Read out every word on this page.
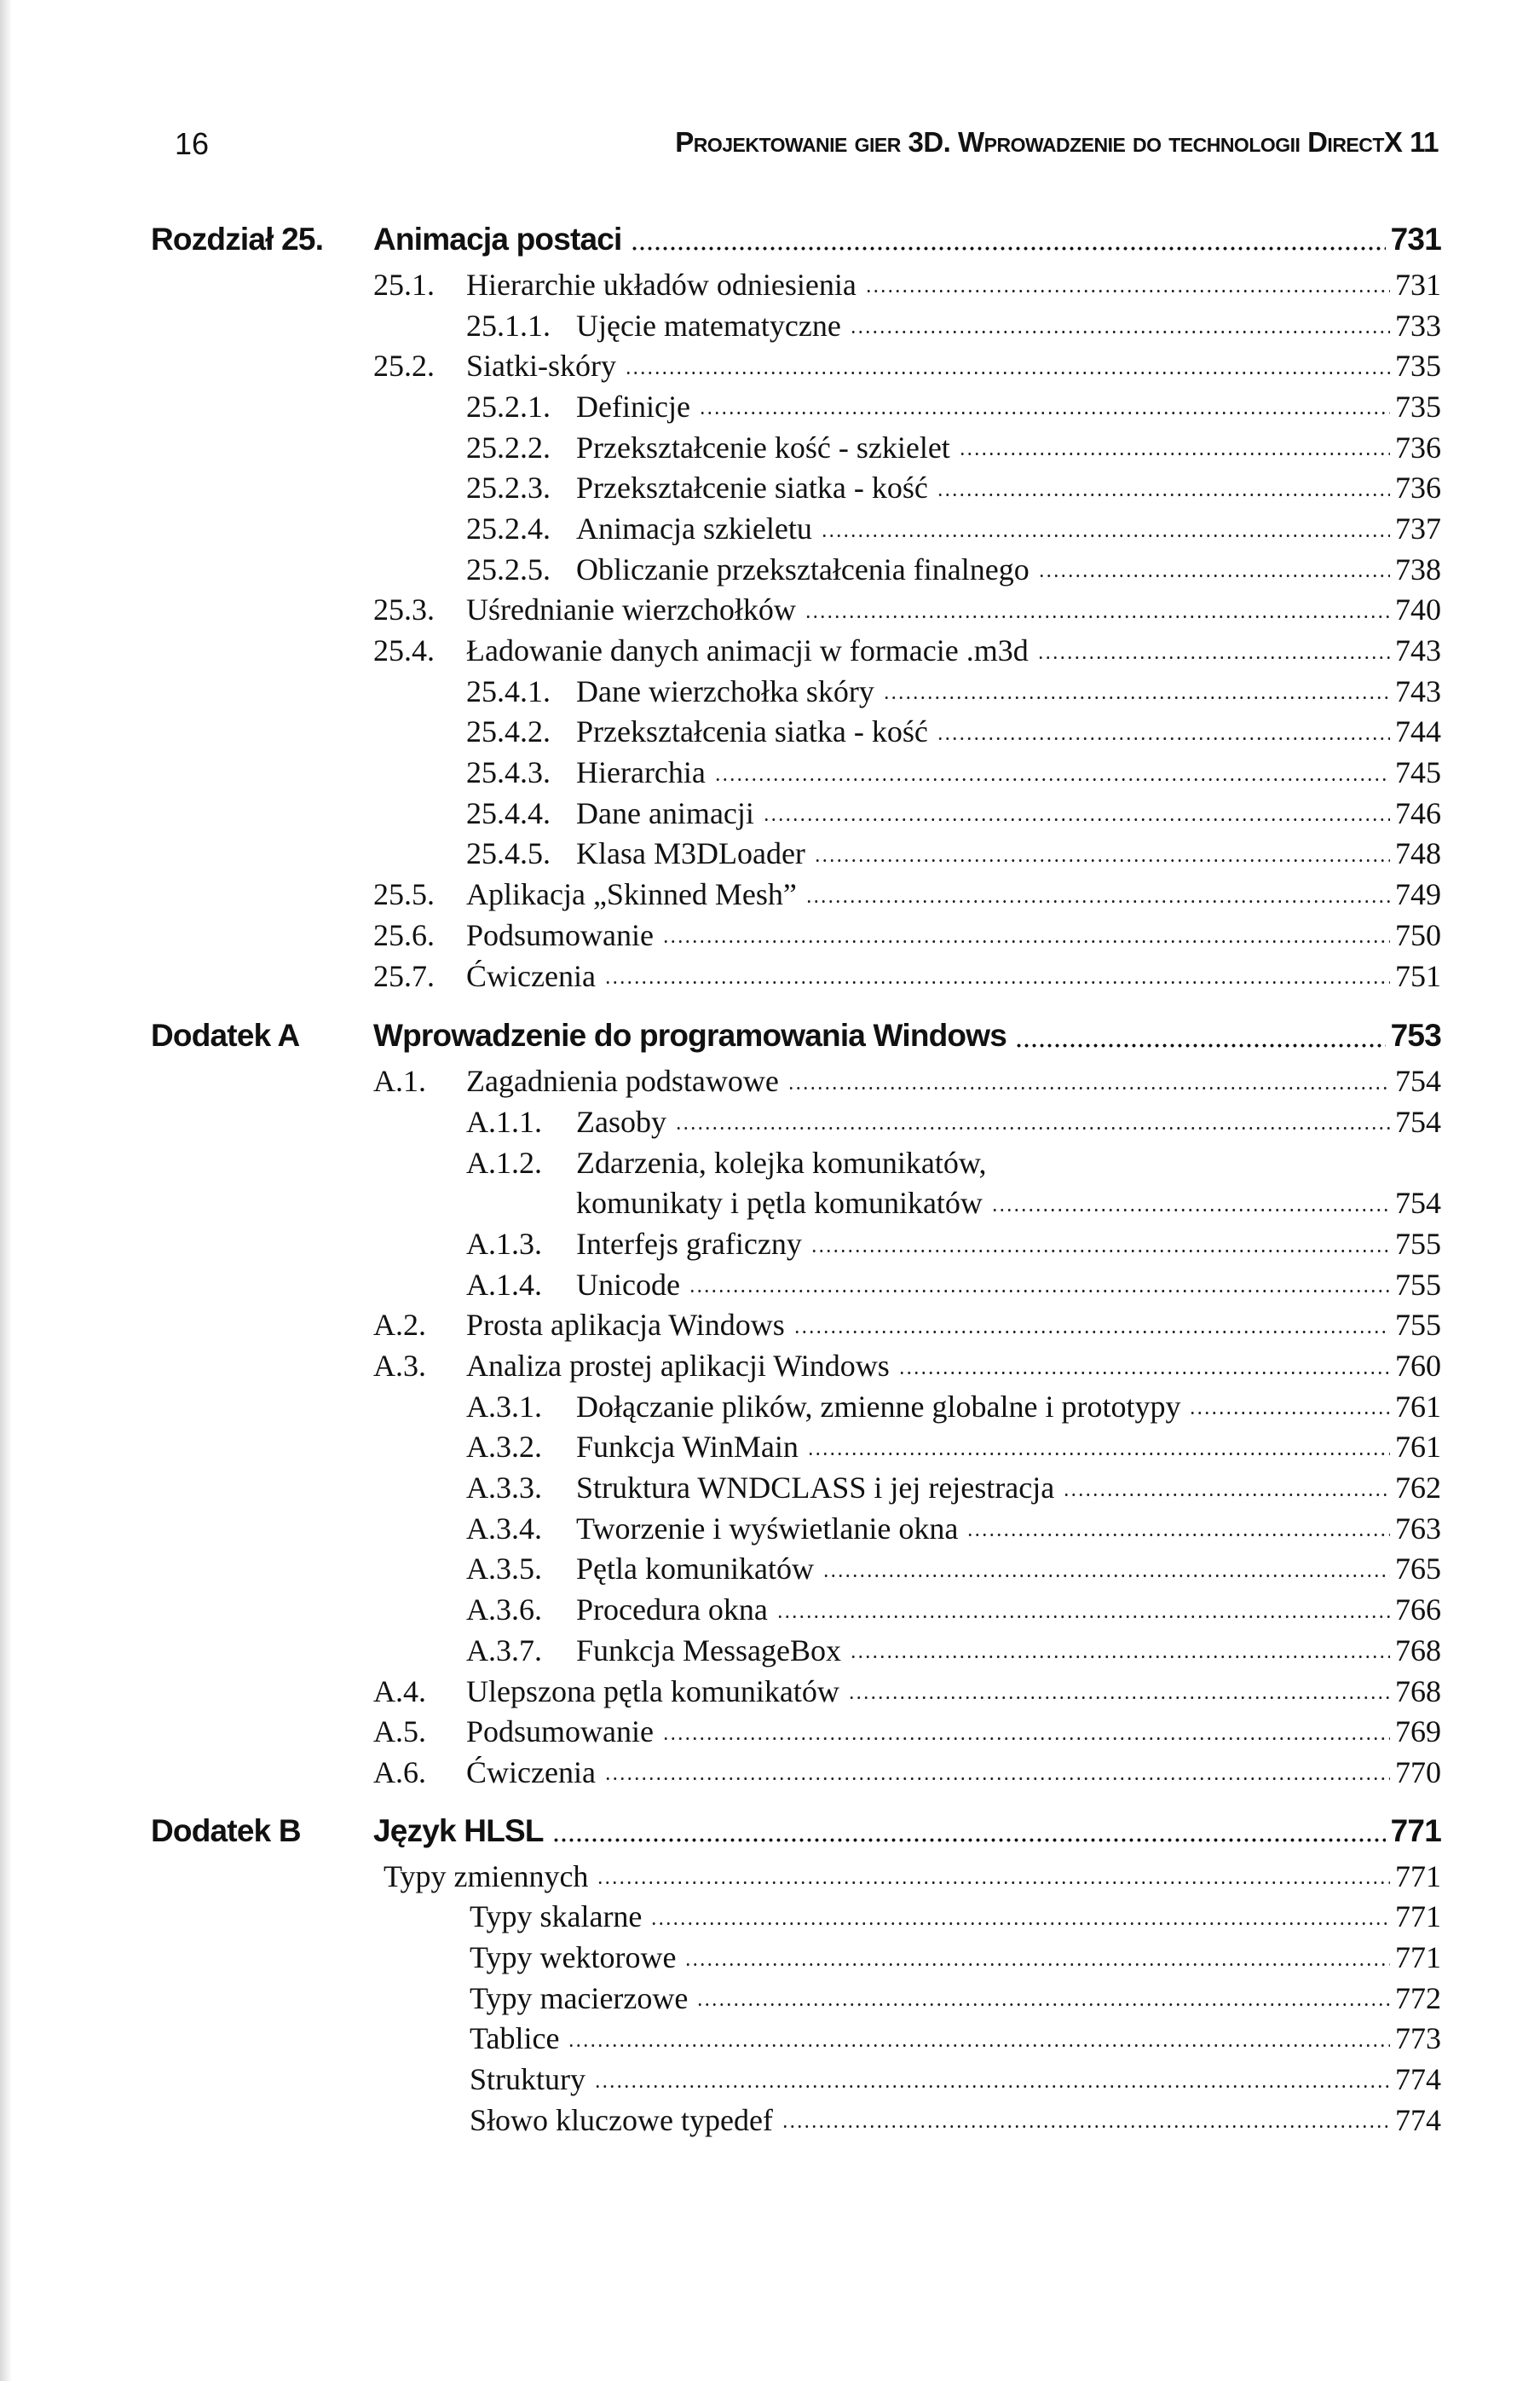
16	Projektowanie gier 3D. Wprowadzenie do technologii DirectX 11
Rozdział 25.	Animacja postaci	731
25.1. Hierarchie układów odniesienia	731
25.1.1. Ujęcie matematyczne	733
25.2. Siatki-skóry	735
25.2.1. Definicje	735
25.2.2. Przekształcenie kość - szkielet	736
25.2.3. Przekształcenie siatka - kość	736
25.2.4. Animacja szkieletu	737
25.2.5. Obliczanie przekształcenia finalnego	738
25.3. Uśrednianie wierzchołków	740
25.4. Ładowanie danych animacji w formacie .m3d	743
25.4.1. Dane wierzchołka skóry	743
25.4.2. Przekształcenia siatka - kość	744
25.4.3. Hierarchia	745
25.4.4. Dane animacji	746
25.4.5. Klasa M3DLoader	748
25.5. Aplikacja „Skinned Mesh”	749
25.6. Podsumowanie	750
25.7. Ćwiczenia	751
Dodatek A	Wprowadzenie do programowania Windows	753
A.1. Zagadnienia podstawowe	754
A.1.1. Zasoby	754
A.1.2. Zdarzenia, kolejka komunikatów,
komunikaty i pętla komunikatów	754
A.1.3. Interfejs graficzny	755
A.1.4. Unicode	755
A.2. Prosta aplikacja Windows	755
A.3. Analiza prostej aplikacji Windows	760
A.3.1. Dołączanie plików, zmienne globalne i prototypy	761
A.3.2. Funkcja WinMain	761
A.3.3. Struktura WNDCLASS i jej rejestracja	762
A.3.4. Tworzenie i wyświetlanie okna	763
A.3.5. Pętla komunikatów	765
A.3.6. Procedura okna	766
A.3.7. Funkcja MessageBox	768
A.4. Ulepszona pętla komunikatów	768
A.5. Podsumowanie	769
A.6. Ćwiczenia	770
Dodatek B	Język HLSL	771
Typy zmiennych	771
Typy skalarne	771
Typy wektorowe	771
Typy macierzowe	772
Tablice	773
Struktury	774
Słowo kluczowe typedef	774
